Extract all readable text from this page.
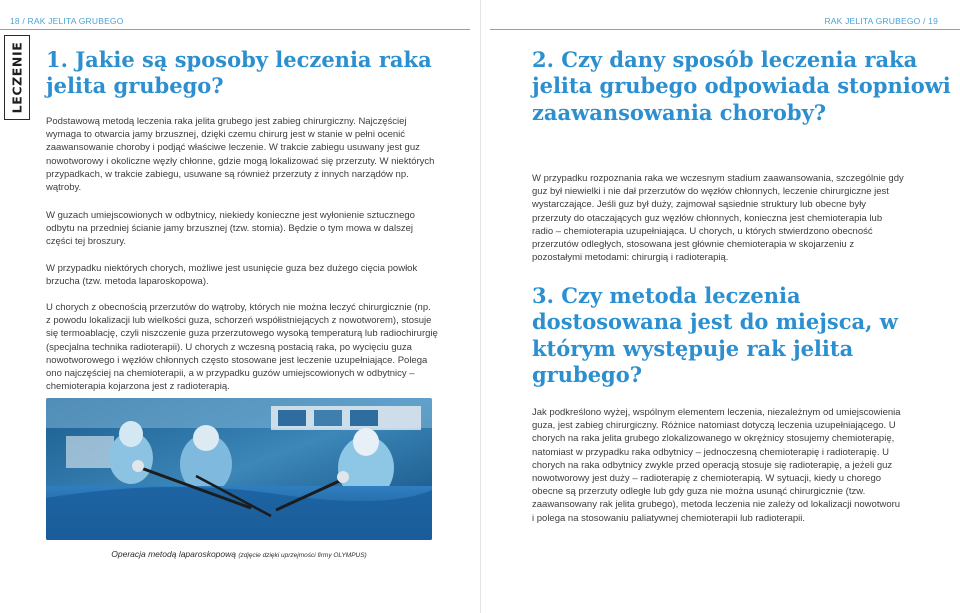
18 / RAK JELITA GRUBEGO
LECZENIE 1. Jakie są sposoby leczenia raka jelita grubego?

Podstawową metodą leczenia raka jelita grubego jest zabieg chirurgiczny. Najczęściej wymaga to otwarcia jamy brzusznej, dzięki czemu chirurg jest w stanie w pełni ocenić zaawansowanie choroby i podjąć właściwe leczenie. W trakcie zabiegu usuwany jest guz nowotworowy i okoliczne węzły chłonne, gdzie mogą lokalizować się przerzuty. W niektórych przypadkach, w trakcie zabiegu, usuwane są również przerzuty z innych narządów np. wątroby.

W guzach umiejscowionych w odbytnicy, niekiedy konieczne jest wyłonienie sztucznego odbytu na przedniej ścianie jamy brzusznej (tzw. stomia). Będzie o tym mowa w dalszej części tej broszury.

W przypadku niektórych chorych, możliwe jest usunięcie guza bez dużego cięcia powłok brzucha (tzw. metoda laparoskopowa).

U chorych z obecnością przerzutów do wątroby, których nie można leczyć chirurgicznie (np. z powodu lokalizacji lub wielkości guza, schorzeń współistniejących z nowotworem), stosuje się termoablację, czyli niszczenie guza przerzutowego wysoką temperaturą lub radiochirurgię (specjalna technika radioterapii). U chorych z wczesną postacią raka, po wycięciu guza nowotworowego i węzłów chłonnych często stosowane jest leczenie uzupełniające. Polega ono najczęściej na chemioterapii, a w przypadku guzów umiejscowionych w odbytnicy – chemioterapia kojarzona jest z radioterapią.

Operacja metodą laparoskopową (zdjęcie dzięki uprzejmości firmy OLYMPUS)
RAK JELITA GRUBEGO / 19
2. Czy dany sposób leczenia raka jelita grubego odpowiada stopniowi zaawansowania choroby?

W przypadku rozpoznania raka we wczesnym stadium zaawansowania, szczególnie gdy guz był niewielki i nie dał przerzutów do węzłów chłonnych, leczenie chirurgiczne jest wystarczające. Jeśli guz był duży, zajmował sąsiednie struktury lub obecne były przerzuty do otaczających guz węzłów chłonnych, konieczna jest chemioterapia lub radio – chemioterapia uzupełniająca. U chorych, u których stwierdzono obecność przerzutów odległych, stosowana jest głównie chemioterapia w skojarzeniu z pozostałymi metodami: chirurgią i radioterapią.

3. Czy metoda leczenia dostosowana jest do miejsca, w którym występuje rak jelita grubego?

Jak podkreślono wyżej, wspólnym elementem leczenia, niezależnym od umiejscowienia guza, jest zabieg chirurgiczny. Różnice natomiast dotyczą leczenia uzupełniającego. U chorych na raka jelita grubego zlokalizowanego w okrężnicy stosujemy chemioterapię, natomiast w przypadku raka odbytnicy – jednoczesną chemioterapię i radioterapię. U chorych na raka odbytnicy zwykle przed operacją stosuje się radioterapię, a jeżeli guz nowotworowy jest duży – radioterapię z chemioterapią. W sytuacji, kiedy u chorego obecne są przerzuty odległe lub gdy guza nie można usunąć chirurgicznie (tzw. zaawansowany rak jelita grubego), metoda leczenia nie zależy od lokalizacji nowotworu i polega na stosowaniu paliatywnej chemioterapii lub radioterapii.
